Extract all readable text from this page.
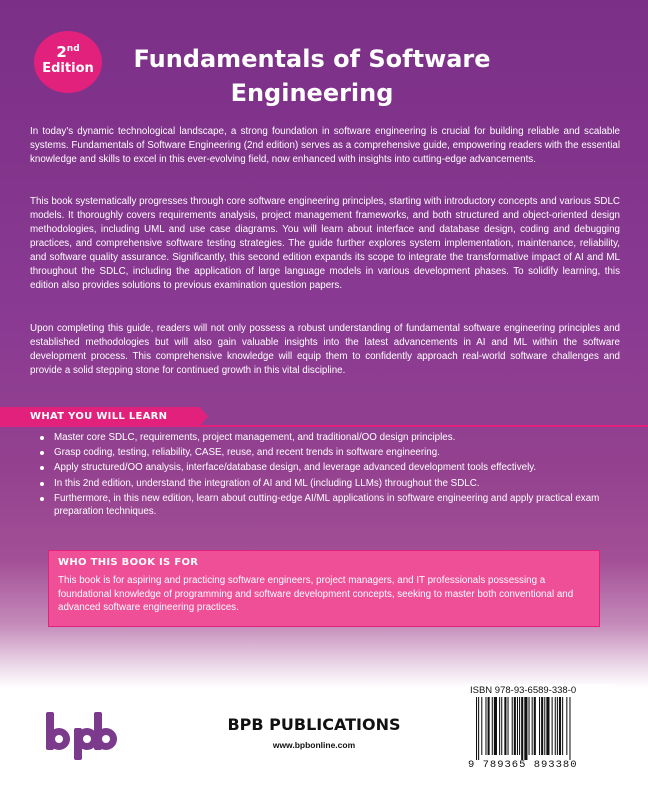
2nd
Edition	Fundamentals of Software Engineering

In today's dynamic technological landscape, a strong foundation in software engineering is crucial for building reliable and scalable systems. Fundamentals of Software Engineering (2nd edition) serves as a comprehensive guide, empowering readers with the essential knowledge and skills to excel in this ever-evolving field, now enhanced with insights into cutting-edge advancements.

This book systematically progresses through core software engineering principles, starting with introductory concepts and various SDLC models. It thoroughly covers requirements analysis, project management frameworks, and both structured and object-oriented design methodologies, including UML and use case diagrams. You will learn about interface and database design, coding and debugging practices, and comprehensive software testing strategies. The guide further explores system implementation, maintenance, reliability, and software quality assurance. Significantly, this second edition expands its scope to integrate the transformative impact of AI and ML throughout the SDLC, including the application of large language models in various development phases. To solidify learning, this edition also provides solutions to previous examination question papers.

Upon completing this guide, readers will not only possess a robust understanding of fundamental software engineering principles and established methodologies but will also gain valuable insights into the latest advancements in AI and ML within the software development process. This comprehensive knowledge will equip them to confidently approach real-world software challenges and provide a solid stepping stone for continued growth in this vital discipline.

WHAT YOU WILL LEARN
Master core SDLC, requirements, project management, and traditional/OO design principles.
Grasp coding, testing, reliability, CASE, reuse, and recent trends in software engineering.
Apply structured/OO analysis, interface/database design, and leverage advanced development tools effectively.
In this 2nd edition, understand the integration of AI and ML (including LLMs) throughout the SDLC.
Furthermore, in this new edition, learn about cutting-edge AI/ML applications in software engineering and apply practical exam preparation techniques.
WHO THIS BOOK IS FOR

This book is for aspiring and practicing software engineers, project managers, and IT professionals possessing a foundational knowledge of programming and software development concepts, seeking to master both conventional and advanced software engineering practices.

BPB PUBLICATIONS

www.bpbonline.com

ISBN 978-93-6589-338-0

9 789365 893380
